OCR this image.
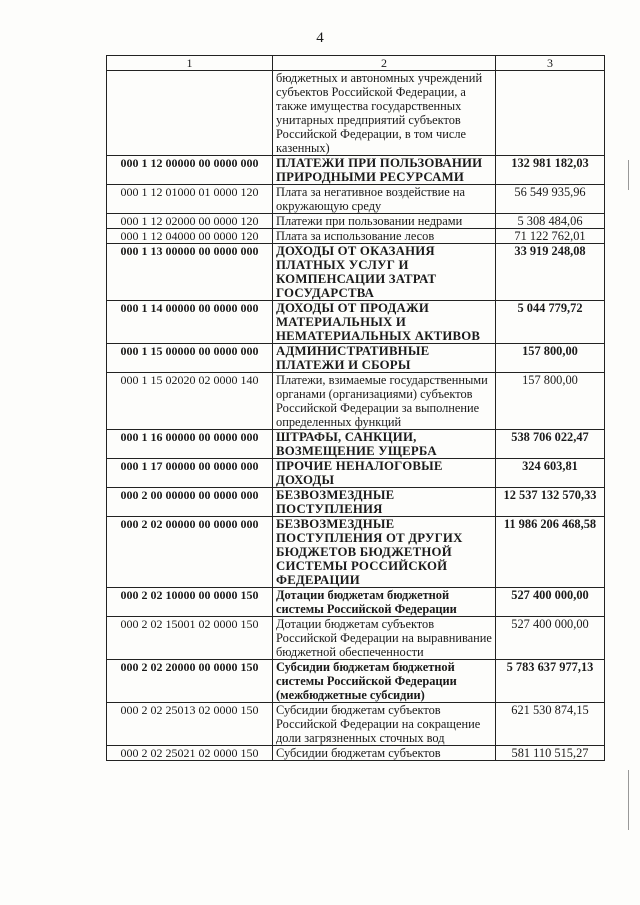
4
1	2	3
	бюджетных и автономных учреждений субъектов Российской Федерации, а также имущества государственных унитарных предприятий субъектов Российской Федерации, в том числе казенных)	
000 1 12 00000 00 0000 000	ПЛАТЕЖИ ПРИ ПОЛЬЗОВАНИИ ПРИРОДНЫМИ РЕСУРСАМИ	132 981 182,03
000 1 12 01000 01 0000 120	Плата за негативное воздействие на окружающую среду	56 549 935,96
000 1 12 02000 00 0000 120	Платежи при пользовании недрами	5 308 484,06
000 1 12 04000 00 0000 120	Плата за использование лесов	71 122 762,01
000 1 13 00000 00 0000 000	ДОХОДЫ ОТ ОКАЗАНИЯ ПЛАТНЫХ УСЛУГ И КОМПЕНСАЦИИ ЗАТРАТ ГОСУДАРСТВА	33 919 248,08
000 1 14 00000 00 0000 000	ДОХОДЫ ОТ ПРОДАЖИ МАТЕРИАЛЬНЫХ И НЕМАТЕРИАЛЬНЫХ АКТИВОВ	5 044 779,72
000 1 15 00000 00 0000 000	АДМИНИСТРАТИВНЫЕ ПЛАТЕЖИ И СБОРЫ	157 800,00
000 1 15 02020 02 0000 140	Платежи, взимаемые государственными органами (организациями) субъектов Российской Федерации за выполнение определенных функций	157 800,00
000 1 16 00000 00 0000 000	ШТРАФЫ, САНКЦИИ, ВОЗМЕЩЕНИЕ УЩЕРБА	538 706 022,47
000 1 17 00000 00 0000 000	ПРОЧИЕ НЕНАЛОГОВЫЕ ДОХОДЫ	324 603,81
000 2 00 00000 00 0000 000	БЕЗВОЗМЕЗДНЫЕ ПОСТУПЛЕНИЯ	12 537 132 570,33
000 2 02 00000 00 0000 000	БЕЗВОЗМЕЗДНЫЕ ПОСТУПЛЕНИЯ ОТ ДРУГИХ БЮДЖЕТОВ БЮДЖЕТНОЙ СИСТЕМЫ РОССИЙСКОЙ ФЕДЕРАЦИИ	11 986 206 468,58
000 2 02 10000 00 0000 150	Дотации бюджетам бюджетной системы Российской Федерации	527 400 000,00
000 2 02 15001 02 0000 150	Дотации бюджетам субъектов Российской Федерации на выравнивание бюджетной обеспеченности	527 400 000,00
000 2 02 20000 00 0000 150	Субсидии бюджетам бюджетной системы Российской Федерации (межбюджетные субсидии)	5 783 637 977,13
000 2 02 25013 02 0000 150	Субсидии бюджетам субъектов Российской Федерации на сокращение доли загрязненных сточных вод	621 530 874,15
000 2 02 25021 02 0000 150	Субсидии бюджетам субъектов	581 110 515,27
